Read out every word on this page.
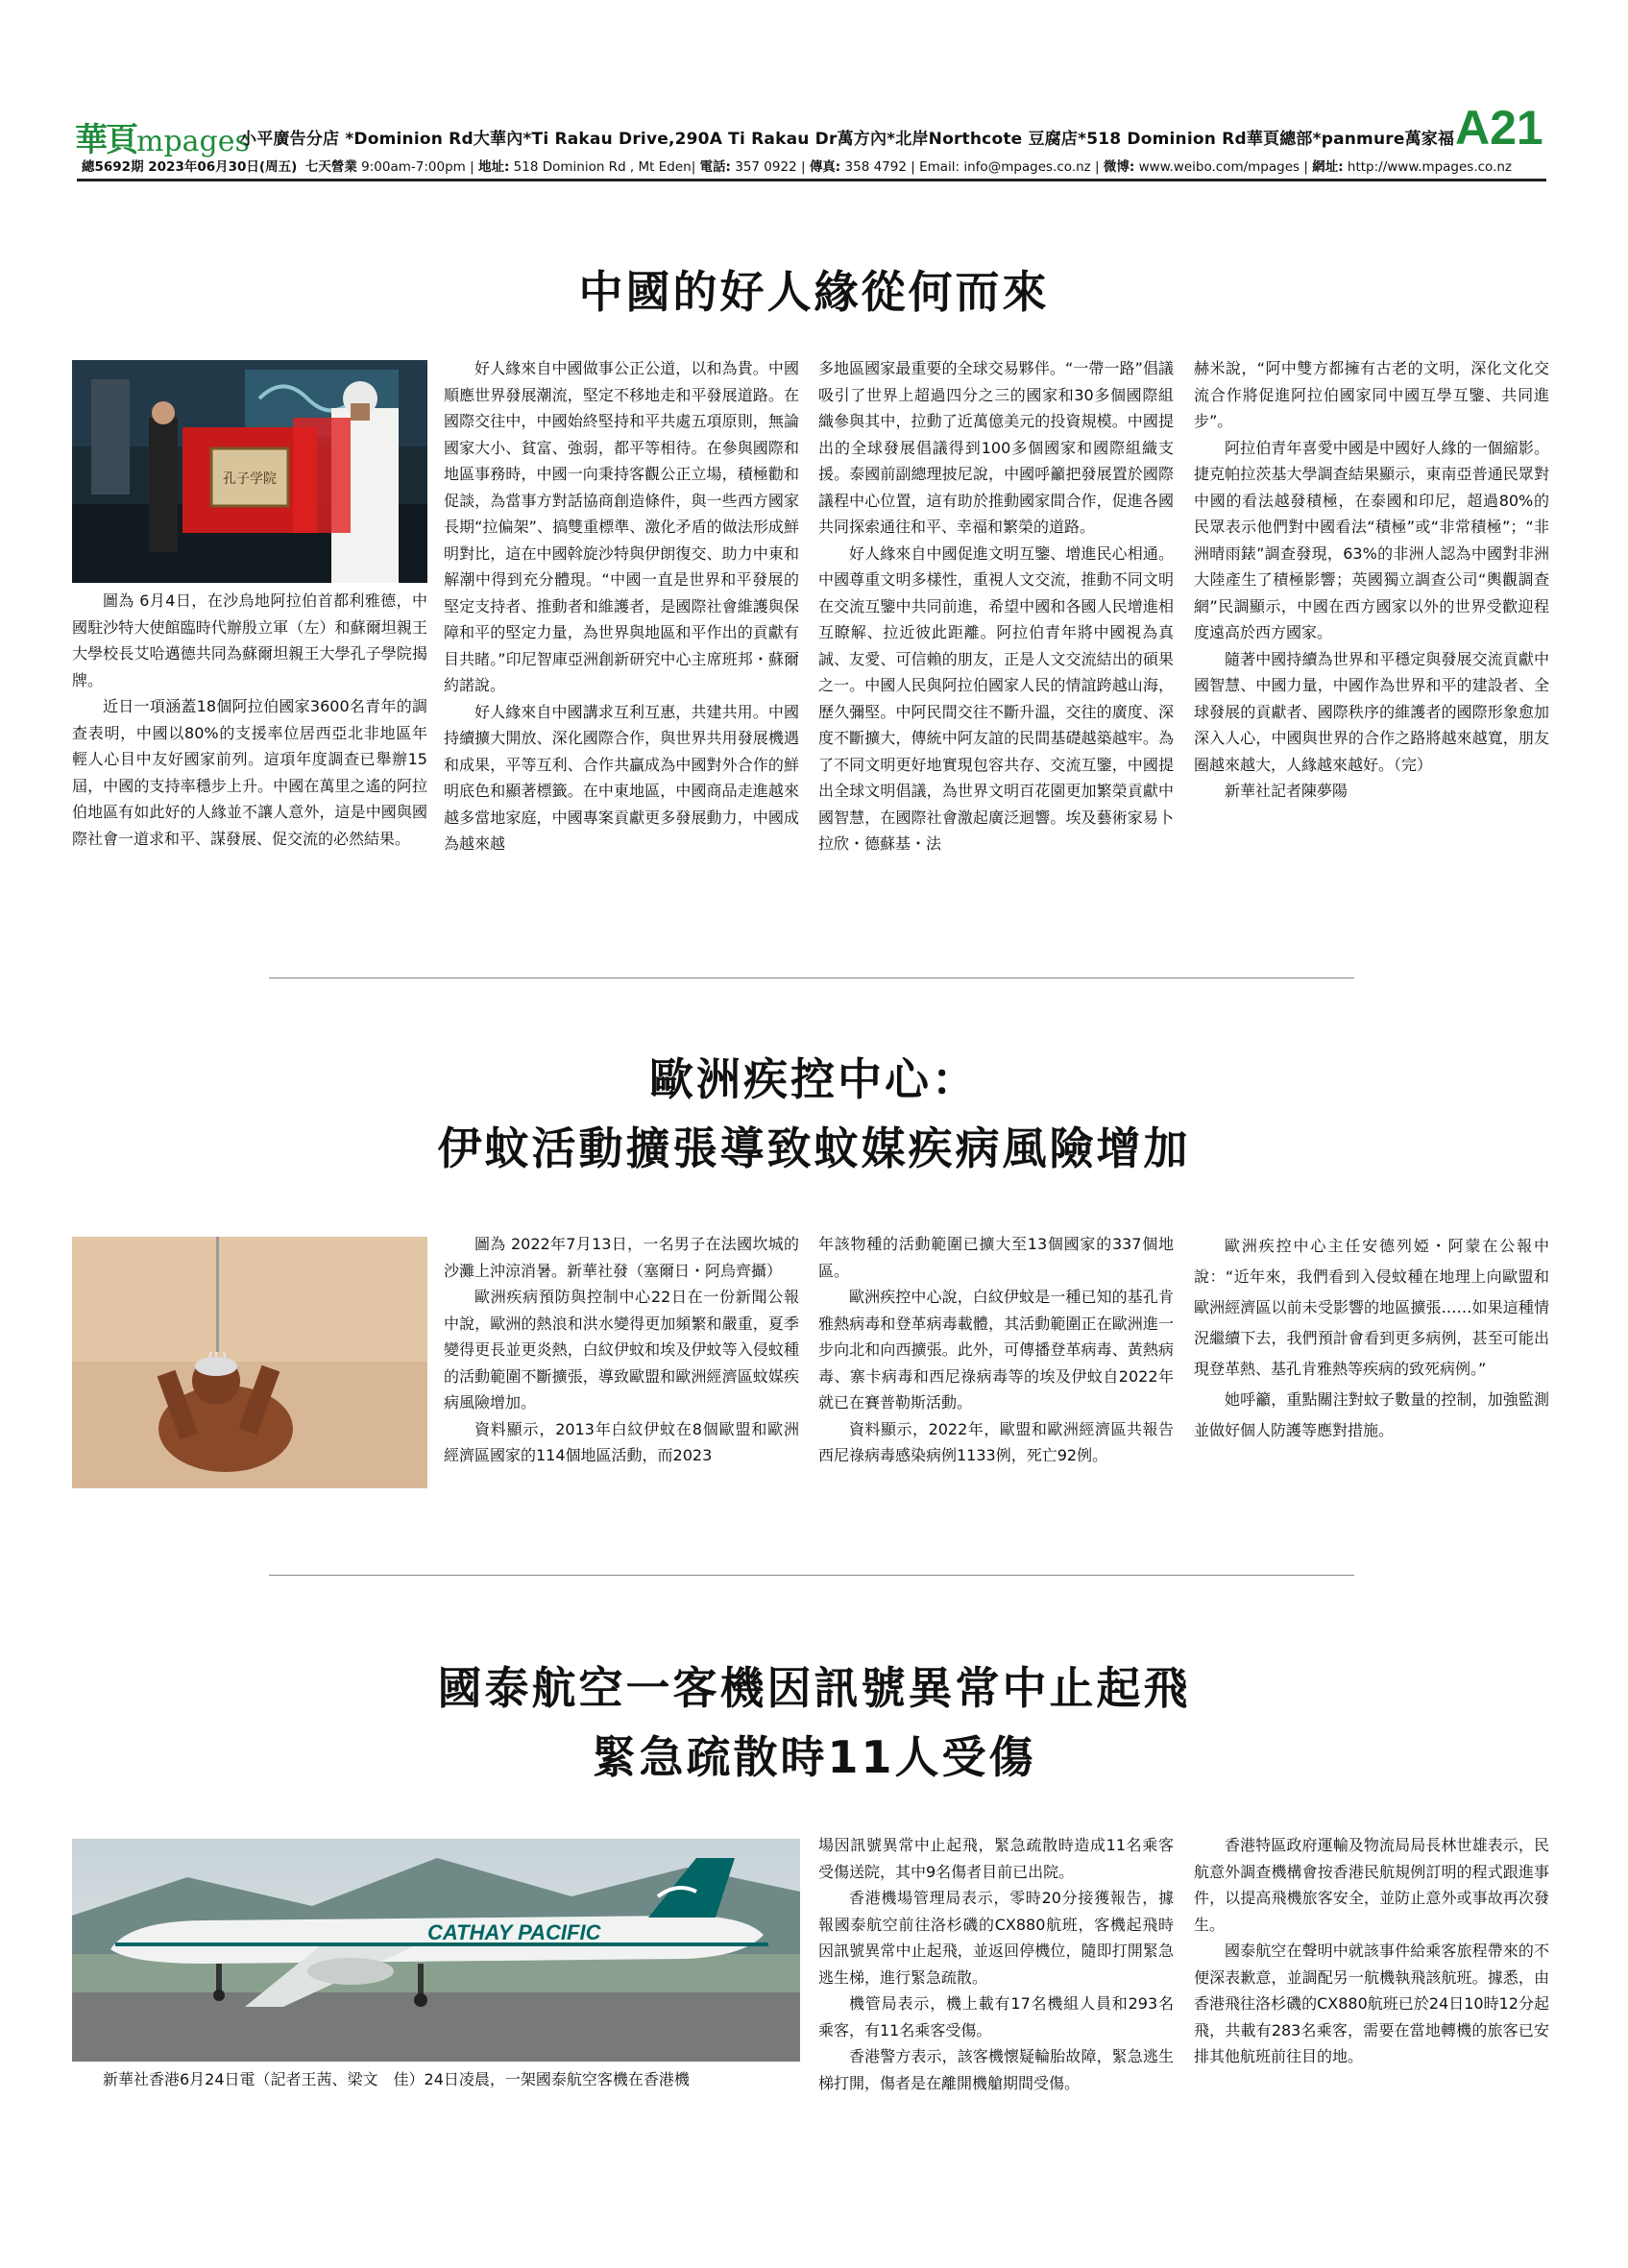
華頁 mpages
小平廣告分店 *Dominion Rd大華內*Ti Rakau Drive,290A Ti Rakau Dr萬方內*北岸Northcote 豆腐店*518 Dominion Rd華頁總部*panmure萬家福 A21
總5692期 2023年06月30日(周五) 七天營業 9:00am-7:00pm | 地址: 518 Dominion Rd , Mt Eden| 電話: 357 0922 | 傳真: 358 4792 | Email: info@mpages.co.nz | 微博: www.weibo.com/mpages | 網址: http://www.mpages.co.nz
中國的好人緣從何而來
孔子学院

圖為 6月4日，在沙烏地阿拉伯首都利雅德，中國駐沙特大使館臨時代辦殷立軍（左）和蘇爾坦親王大學校長艾哈邁德共同為蘇爾坦親王大學孔子學院揭牌。

近日一項涵蓋18個阿拉伯國家3600名青年的調查表明，中國以80%的支援率位居西亞北非地區年輕人心目中友好國家前列。這項年度調查已舉辦15屆，中國的支持率穩步上升。中國在萬里之遙的阿拉伯地區有如此好的人緣並不讓人意外，這是中國與國際社會一道求和平、謀發展、促交流的必然結果。

好人緣來自中國做事公正公道，以和為貴。中國順應世界發展潮流，堅定不移地走和平發展道路。在國際交往中，中國始終堅持和平共處五項原則，無論國家大小、貧富、強弱，都平等相待。在參與國際和地區事務時，中國一向秉持客觀公正立場，積極勸和促談，為當事方對話協商創造條件，與一些西方國家長期“拉偏架”、搞雙重標準、激化矛盾的做法形成鮮明對比，這在中國斡旋沙特與伊朗復交、助力中東和解潮中得到充分體現。“中國一直是世界和平發展的堅定支持者、推動者和維護者，是國際社會維護與保障和平的堅定力量，為世界與地區和平作出的貢獻有目共睹。”印尼智庫亞洲創新研究中心主席班邦・蘇爾約諾說。

好人緣來自中國講求互利互惠，共建共用。中國持續擴大開放、深化國際合作，與世界共用發展機遇和成果，平等互利、合作共贏成為中國對外合作的鮮明底色和顯著標籤。在中東地區，中國商品走進越來越多當地家庭，中國專案貢獻更多發展動力，中國成為越來越

多地區國家最重要的全球交易夥伴。“一帶一路”倡議吸引了世界上超過四分之三的國家和30多個國際組織參與其中，拉動了近萬億美元的投資規模。中國提出的全球發展倡議得到100多個國家和國際組織支援。泰國前副總理披尼說，中國呼籲把發展置於國際議程中心位置，這有助於推動國家間合作，促進各國共同探索通往和平、幸福和繁榮的道路。

好人緣來自中國促進文明互鑒、增進民心相通。中國尊重文明多樣性，重視人文交流，推動不同文明在交流互鑒中共同前進，希望中國和各國人民增進相互瞭解、拉近彼此距離。阿拉伯青年將中國視為真誠、友愛、可信賴的朋友，正是人文交流結出的碩果之一。中國人民與阿拉伯國家人民的情誼跨越山海，歷久彌堅。中阿民間交往不斷升溫，交往的廣度、深度不斷擴大，傳統中阿友誼的民間基礎越築越牢。為了不同文明更好地實現包容共存、交流互鑒，中國提出全球文明倡議，為世界文明百花園更加繁榮貢獻中國智慧，在國際社會激起廣泛迴響。埃及藝術家易卜拉欣・德蘇基・法

赫米說，“阿中雙方都擁有古老的文明，深化文化交流合作將促進阿拉伯國家同中國互學互鑒、共同進步”。

阿拉伯青年喜愛中國是中國好人緣的一個縮影。捷克帕拉茨基大學調查結果顯示，東南亞普通民眾對中國的看法越發積極，在泰國和印尼，超過80%的民眾表示他們對中國看法“積極”或“非常積極”；“非洲晴雨錶”調查發現，63%的非洲人認為中國對非洲大陸產生了積極影響；英國獨立調查公司“輿觀調查網”民調顯示，中國在西方國家以外的世界受歡迎程度遠高於西方國家。

隨著中國持續為世界和平穩定與發展交流貢獻中國智慧、中國力量，中國作為世界和平的建設者、全球發展的貢獻者、國際秩序的維護者的國際形象愈加深入人心，中國與世界的合作之路將越來越寬，朋友圈越來越大，人緣越來越好。（完）

新華社記者陳夢陽

歐洲疾控中心：
伊蚊活動擴張導致蚊媒疾病風險增加

圖為 2022年7月13日，一名男子在法國坎城的沙灘上沖涼消暑。新華社發（塞爾日・阿烏齊攝）

歐洲疾病預防與控制中心22日在一份新聞公報中說，歐洲的熱浪和洪水變得更加頻繁和嚴重，夏季變得更長並更炎熱，白紋伊蚊和埃及伊蚊等入侵蚊種的活動範圍不斷擴張，導致歐盟和歐洲經濟區蚊媒疾病風險增加。

資料顯示，2013年白紋伊蚊在8個歐盟和歐洲經濟區國家的114個地區活動，而2023

年該物種的活動範圍已擴大至13個國家的337個地區。

歐洲疾控中心說，白紋伊蚊是一種已知的基孔肯雅熱病毒和登革病毒載體，其活動範圍正在歐洲進一步向北和向西擴張。此外，可傳播登革病毒、黃熱病毒、寨卡病毒和西尼祿病毒等的埃及伊蚊自2022年就已在賽普勒斯活動。

資料顯示，2022年，歐盟和歐洲經濟區共報告西尼祿病毒感染病例1133例，死亡92例。

歐洲疾控中心主任安德列婭・阿蒙在公報中說：“近年來，我們看到入侵蚊種在地理上向歐盟和歐洲經濟區以前未受影響的地區擴張……如果這種情況繼續下去，我們預計會看到更多病例，甚至可能出現登革熱、基孔肯雅熱等疾病的致死病例。”

她呼籲，重點關注對蚊子數量的控制，加強監測並做好個人防護等應對措施。

國泰航空一客機因訊號異常中止起飛
緊急疏散時11人受傷
CATHAY PACIFIC

新華社香港6月24日電（記者王茜、梁文　佳）24日凌晨，一架國泰航空客機在香港機

場因訊號異常中止起飛，緊急疏散時造成11名乘客受傷送院，其中9名傷者目前已出院。

香港機場管理局表示，零時20分接獲報告，據報國泰航空前往洛杉磯的CX880航班，客機起飛時因訊號異常中止起飛，並返回停機位，隨即打開緊急逃生梯，進行緊急疏散。

機管局表示，機上載有17名機組人員和293名乘客，有11名乘客受傷。

香港警方表示，該客機懷疑輪胎故障，緊急逃生梯打開，傷者是在離開機艙期間受傷。

香港特區政府運輸及物流局局長林世雄表示，民航意外調查機構會按香港民航規例訂明的程式跟進事件，以提高飛機旅客安全，並防止意外或事故再次發生。

國泰航空在聲明中就該事件給乘客旅程帶來的不便深表歉意，並調配另一航機執飛該航班。據悉，由香港飛往洛杉磯的CX880航班已於24日10時12分起飛，共載有283名乘客，需要在當地轉機的旅客已安排其他航班前往目的地。
